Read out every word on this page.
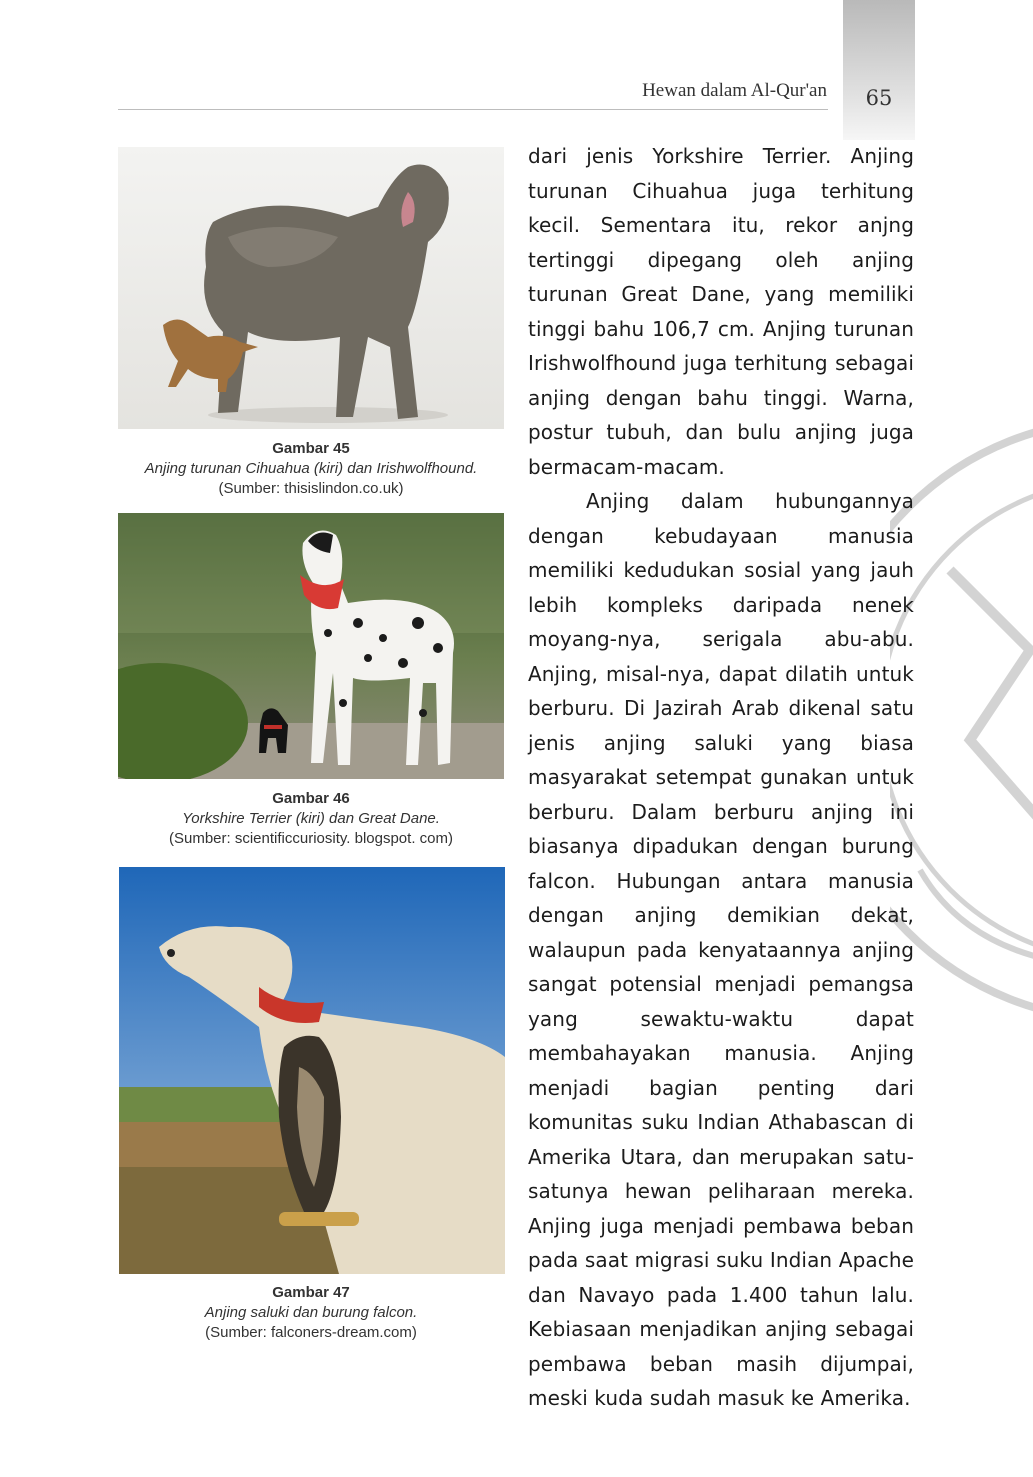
65
Hewan dalam Al-Qur'an
Gambar 45
Anjing turunan Cihuahua (kiri) dan Irishwolfhound.
(Sumber: thisislindon.co.uk)
Gambar 46
Yorkshire Terrier (kiri) dan Great Dane.
(Sumber: scientificcuriosity. blogspot. com)
Gambar 47
Anjing saluki dan burung falcon.
(Sumber: falconers-dream.com)

dari jenis Yorkshire Terrier. Anjing turunan Cihuahua juga terhitung kecil. Sementara itu, rekor anjng tertinggi dipegang oleh anjing turunan Great Dane, yang memiliki tinggi bahu 106,7 cm. Anjing turunan Irishwolfhound juga terhitung sebagai anjing dengan bahu tinggi. Warna, postur tubuh, dan bulu anjing juga bermacam-macam.

Anjing dalam hubungannya dengan kebudayaan manusia memiliki kedudukan sosial yang jauh lebih kompleks daripada nenek moyang-nya, serigala abu-abu. Anjing, misal-nya, dapat dilatih untuk berburu. Di Jazirah Arab dikenal satu jenis anjing saluki yang biasa masyarakat setempat gunakan untuk berburu. Dalam berburu anjing ini biasanya dipadukan dengan burung falcon. Hubungan antara manusia dengan anjing demikian dekat, walaupun pada kenyataannya anjing sangat potensial menjadi pemangsa yang sewaktu-waktu dapat membahayakan manusia. Anjing menjadi bagian penting dari komunitas suku Indian Athabascan di Amerika Utara, dan merupakan satu-satunya hewan peliharaan mereka. Anjing juga menjadi pembawa beban pada saat migrasi suku Indian Apache dan Navayo pada 1.400 tahun lalu. Kebiasaan menjadikan anjing sebagai pembawa beban masih dijumpai, meski kuda sudah masuk ke Amerika.
